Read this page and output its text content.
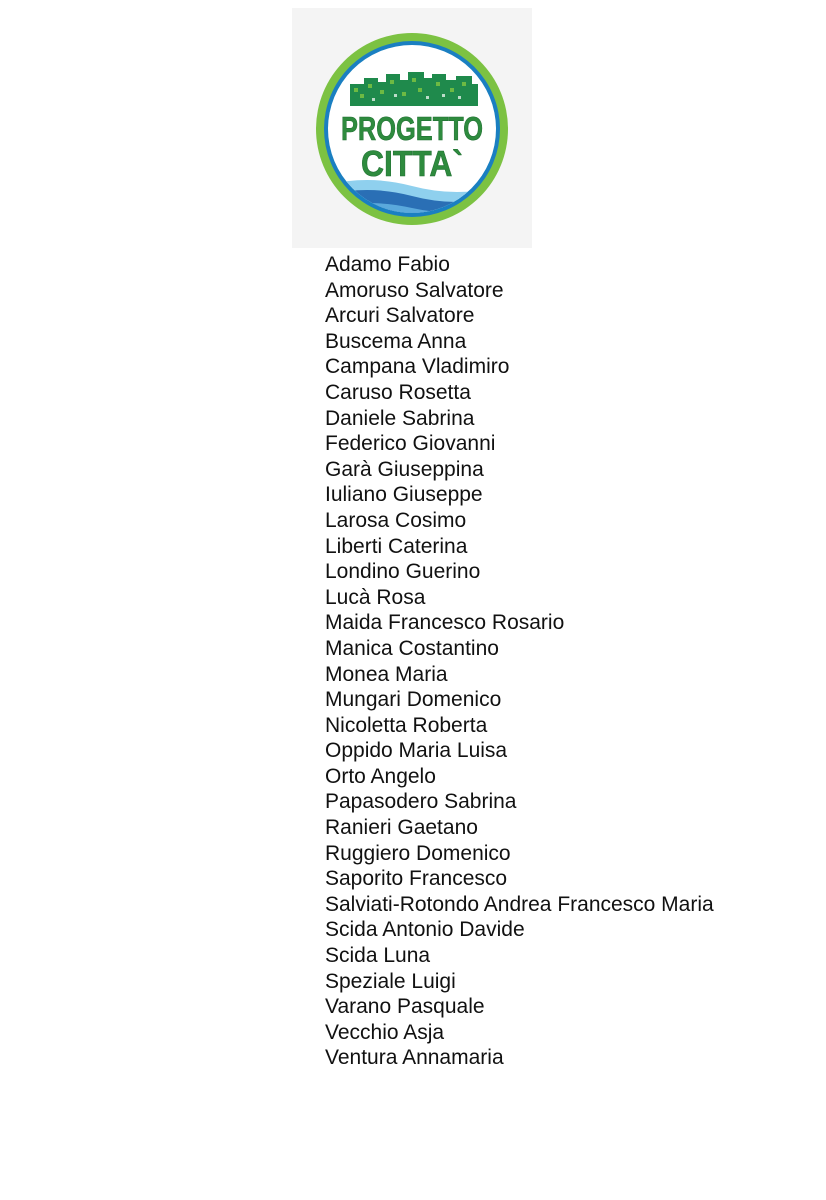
PROGETTO
CITTA`
Adamo Fabio
Amoruso Salvatore
Arcuri Salvatore
Buscema Anna
Campana Vladimiro
Caruso Rosetta
Daniele Sabrina
Federico Giovanni
Garà Giuseppina
Iuliano Giuseppe
Larosa Cosimo
Liberti Caterina
Londino Guerino
Lucà Rosa
Maida Francesco Rosario
Manica Costantino
Monea Maria
Mungari Domenico
Nicoletta Roberta
Oppido Maria Luisa
Orto Angelo
Papasodero Sabrina
Ranieri Gaetano
Ruggiero Domenico
Saporito Francesco
Salviati-Rotondo Andrea Francesco Maria
Scida Antonio Davide
Scida Luna
Speziale Luigi
Varano Pasquale
Vecchio Asja
Ventura Annamaria
